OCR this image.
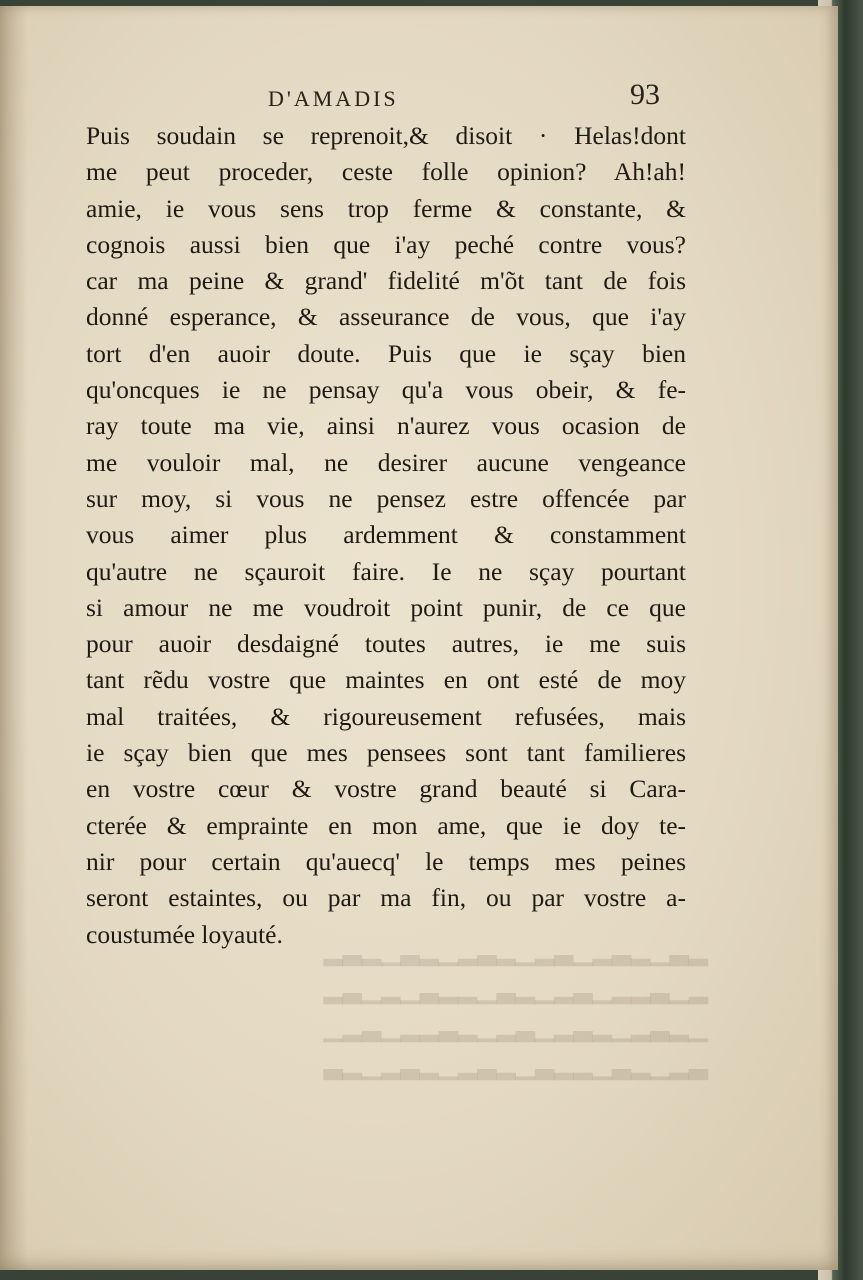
▂▃▁▂▃▂▁▃▂▁▂▃▂▁▂▃▁▂▃▂
▂▁▃▂▂▁▃▂▁▂▃▁▂▂▃▁▂▁▃▂
▁▂▃▂▁▂▃▂▁▃▂▁▂▃▂▂▁▃▂▁
▃▂▁▂▃▁▂▂▃▁▂▃▂▁▂▃▂▁▂▃
D'AMADIS	93
Puis soudain se reprenoit,& disoit · Helas!dont
me peut proceder, ceste folle opinion? Ah!ah!
amie, ie vous sens trop ferme & constante, &
cognois aussi bien que i'ay peché contre vous?
car ma peine & grand' fidelité m'õt tant de fois
donné esperance, & asseurance de vous, que i'ay
tort d'en auoir doute. Puis que ie sçay bien
qu'oncques ie ne pensay qu'a vous obeir, & fe-
ray toute ma vie, ainsi n'aurez vous ocasion de
me vouloir mal, ne desirer aucune vengeance
sur moy, si vous ne pensez estre offencée par
vous aimer plus ardemment & constamment
qu'autre ne sçauroit faire. Ie ne sçay pourtant
si amour ne me voudroit point punir, de ce que
pour auoir desdaigné toutes autres, ie me suis
tant rẽdu vostre que maintes en ont esté de moy
mal traitées, & rigoureusement refusées, mais
ie sçay bien que mes pensees sont tant familieres
en vostre cœur & vostre grand beauté si Cara-
cterée & emprainte en mon ame, que ie doy te-
nir pour certain qu'auecq' le temps mes peines
seront estaintes, ou par ma fin, ou par vostre a-
coustumée loyauté.
